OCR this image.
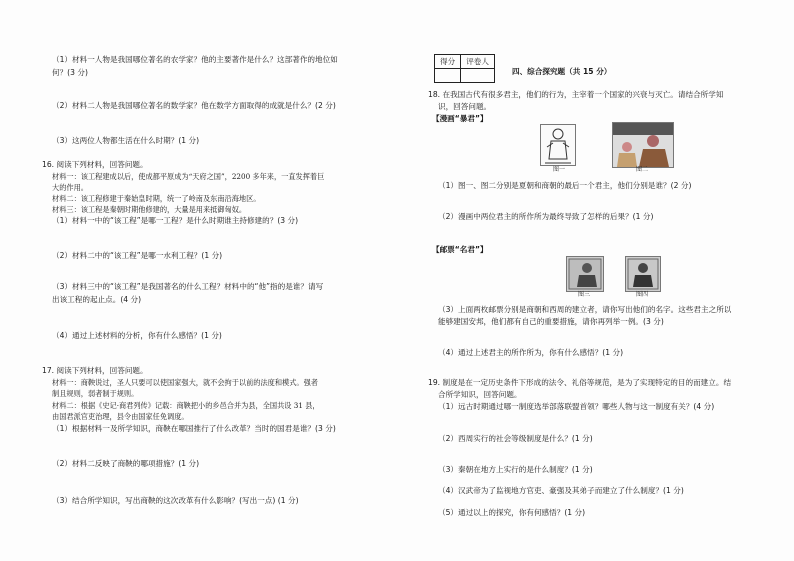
（1）材料一人物是我国哪位著名的农学家？他的主要著作是什么？这部著作的地位如
何？(3 分)
（2）材料二人物是我国哪位著名的数学家？他在数学方面取得的成就是什么？(2 分)
（3）这两位人物都生活在什么时期？(1 分)
16. 阅读下列材料，回答问题。
材料一：该工程建成以后，使成都平原成为“天府之国”，2200 多年来，一直发挥着巨
大的作用。
材料二：该工程修建于秦始皇时期，统一了岭南及东南沿海地区。
材料三：该工程是秦朝时期他修建的，大量是用来抵御匈奴。
（1）材料一中的“该工程”是哪一工程？是什么时期谁主持修建的？(3 分)
（2）材料二中的“该工程”是哪一水利工程？(1 分)
（3）材料三中的“该工程”是我国著名的什么工程？材料中的“他”指的是谁？请写
出该工程的起止点。(4 分)
（4）通过上述材料的分析，你有什么感悟？(1 分)
17. 阅读下列材料，回答问题。
材料一：商鞅说过，圣人只要可以使国家强大，就不会拘于以前的法度和模式。强者
制且规则，弱者制于规则。
材料二：根据《史记·商君列传》记载：商鞅把小的乡邑合并为县，全国共设 31 县，
由国君派官吏治理，县令由国家任免调度。
（1）根据材料一及所学知识，商鞅在哪国推行了什么改革？当时的国君是谁？(3 分)
（2）材料二反映了商鞅的哪项措施？(1 分)
（3）结合所学知识，写出商鞅的这次改革有什么影响？(写出一点) (1 分)
得分	评卷人

四、综合探究题（共 15 分）
18. 在我国古代有很多君主，他们的行为，主宰着一个国家的兴衰与灭亡。请结合所学知
识，回答问题。
【漫画“暴君”】
图一	图二
（1）图一、图二分别是夏朝和商朝的最后一个君主，他们分别是谁？(2 分)
（2）漫画中两位君主的所作所为最终导致了怎样的后果？(1 分)
【邮票“名君”】
图三	图四
（3）上面两枚邮票分别是商朝和西周的建立者，请你写出他们的名字。这些君主之所以
能够建国安邦，他们都有自己的重要措施，请你再列举一例。(3 分)
（4）通过上述君主的所作所为，你有什么感悟？(1 分)
19. 制度是在一定历史条件下形成的法令、礼俗等规范，是为了实现特定的目的而建立。结
合所学知识，回答问题。
（1）远古时期通过哪一制度选举部落联盟首领？哪些人物与这一制度有关？(4 分)
（2）西周实行的社会等级制度是什么？(1 分)
（3）秦朝在地方上实行的是什么制度？(1 分)
（4）汉武帝为了监视地方官吏、豪强及其弟子而建立了什么制度？(1 分)
（5）通过以上的探究，你有何感悟？(1 分)
